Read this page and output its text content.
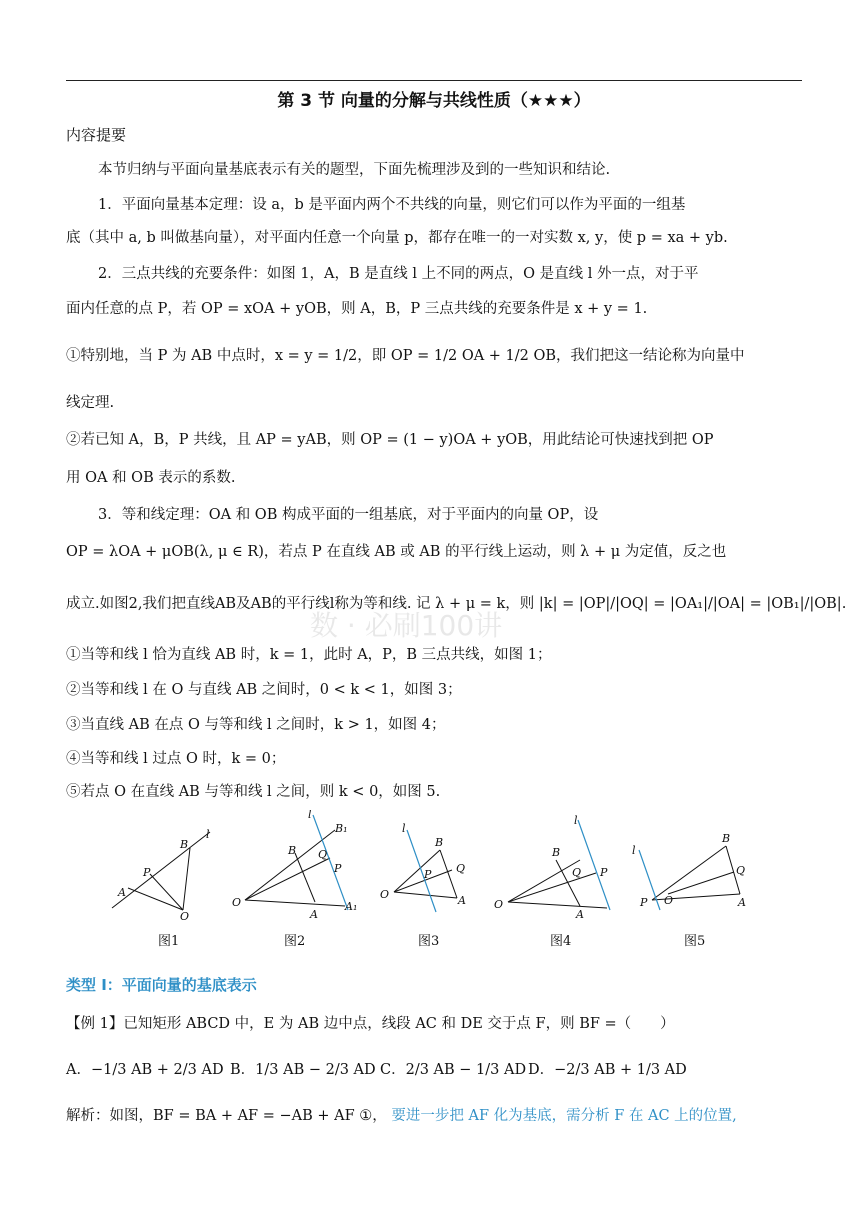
第 3 节 向量的分解与共线性质（★★★）
内容提要
本节归纳与平面向量基底表示有关的题型，下面先梳理涉及到的一些知识和结论.
1．平面向量基本定理：设 a，b 是平面内两个不共线的向量，则它们可以作为平面的一组基
底（其中 a, b 叫做基向量），对平面内任意一个向量 p，都存在唯一的一对实数 x, y，使 p = xa + yb.
2．三点共线的充要条件：如图 1，A，B 是直线 l 上不同的两点，O 是直线 l 外一点，对于平
面内任意的点 P，若 OP = xOA + yOB，则 A，B，P 三点共线的充要条件是 x + y = 1.
①特别地，当 P 为 AB 中点时，x = y = 1/2，即 OP = 1/2 OA + 1/2 OB，我们把这一结论称为向量中
线定理.
②若已知 A，B，P 共线，且 AP = yAB，则 OP = (1 − y)OA + yOB，用此结论可快速找到把 OP
用 OA 和 OB 表示的系数.
3．等和线定理：OA 和 OB 构成平面的一组基底，对于平面内的向量 OP，设
OP = λOA + μOB(λ, μ ∈ R)，若点 P 在直线 AB 或 AB 的平行线上运动，则 λ + μ 为定值，反之也
成立.如图2,我们把直线AB及AB的平行线l称为等和线. 记 λ + μ = k，则 |k| = |OP|/|OQ| = |OA₁|/|OA| = |OB₁|/|OB|.
数 · 必刷100讲
①当等和线 l 恰为直线 AB 时，k = 1，此时 A，P，B 三点共线，如图 1；
②当等和线 l 在 O 与直线 AB 之间时，0 < k < 1，如图 3；
③当直线 AB 在点 O 与等和线 l 之间时，k > 1，如图 4；
④当等和线 l 过点 O 时，k = 0；
⑤若点 O 在直线 AB 与等和线 l 之间，则 k < 0，如图 5.
l
B
P
A
O
O
B
B₁
Q
P
A
A₁
l
O
B
Q
P
A
l
O
B
Q P
A
l
P O
B
Q
A
l
图1	图2	图3	图4	图5
类型 I：平面向量的基底表示
【例 1】已知矩形 ABCD 中，E 为 AB 边中点，线段 AC 和 DE 交于点 F，则 BF =（　　）
A．−1/3 AB + 2/3 AD B．1/3 AB − 2/3 AD C．2/3 AB − 1/3 AD D．−2/3 AB + 1/3 AD
解析：如图，BF = BA + AF = −AB + AF ①， 要进一步把 AF 化为基底，需分析 F 在 AC 上的位置,
